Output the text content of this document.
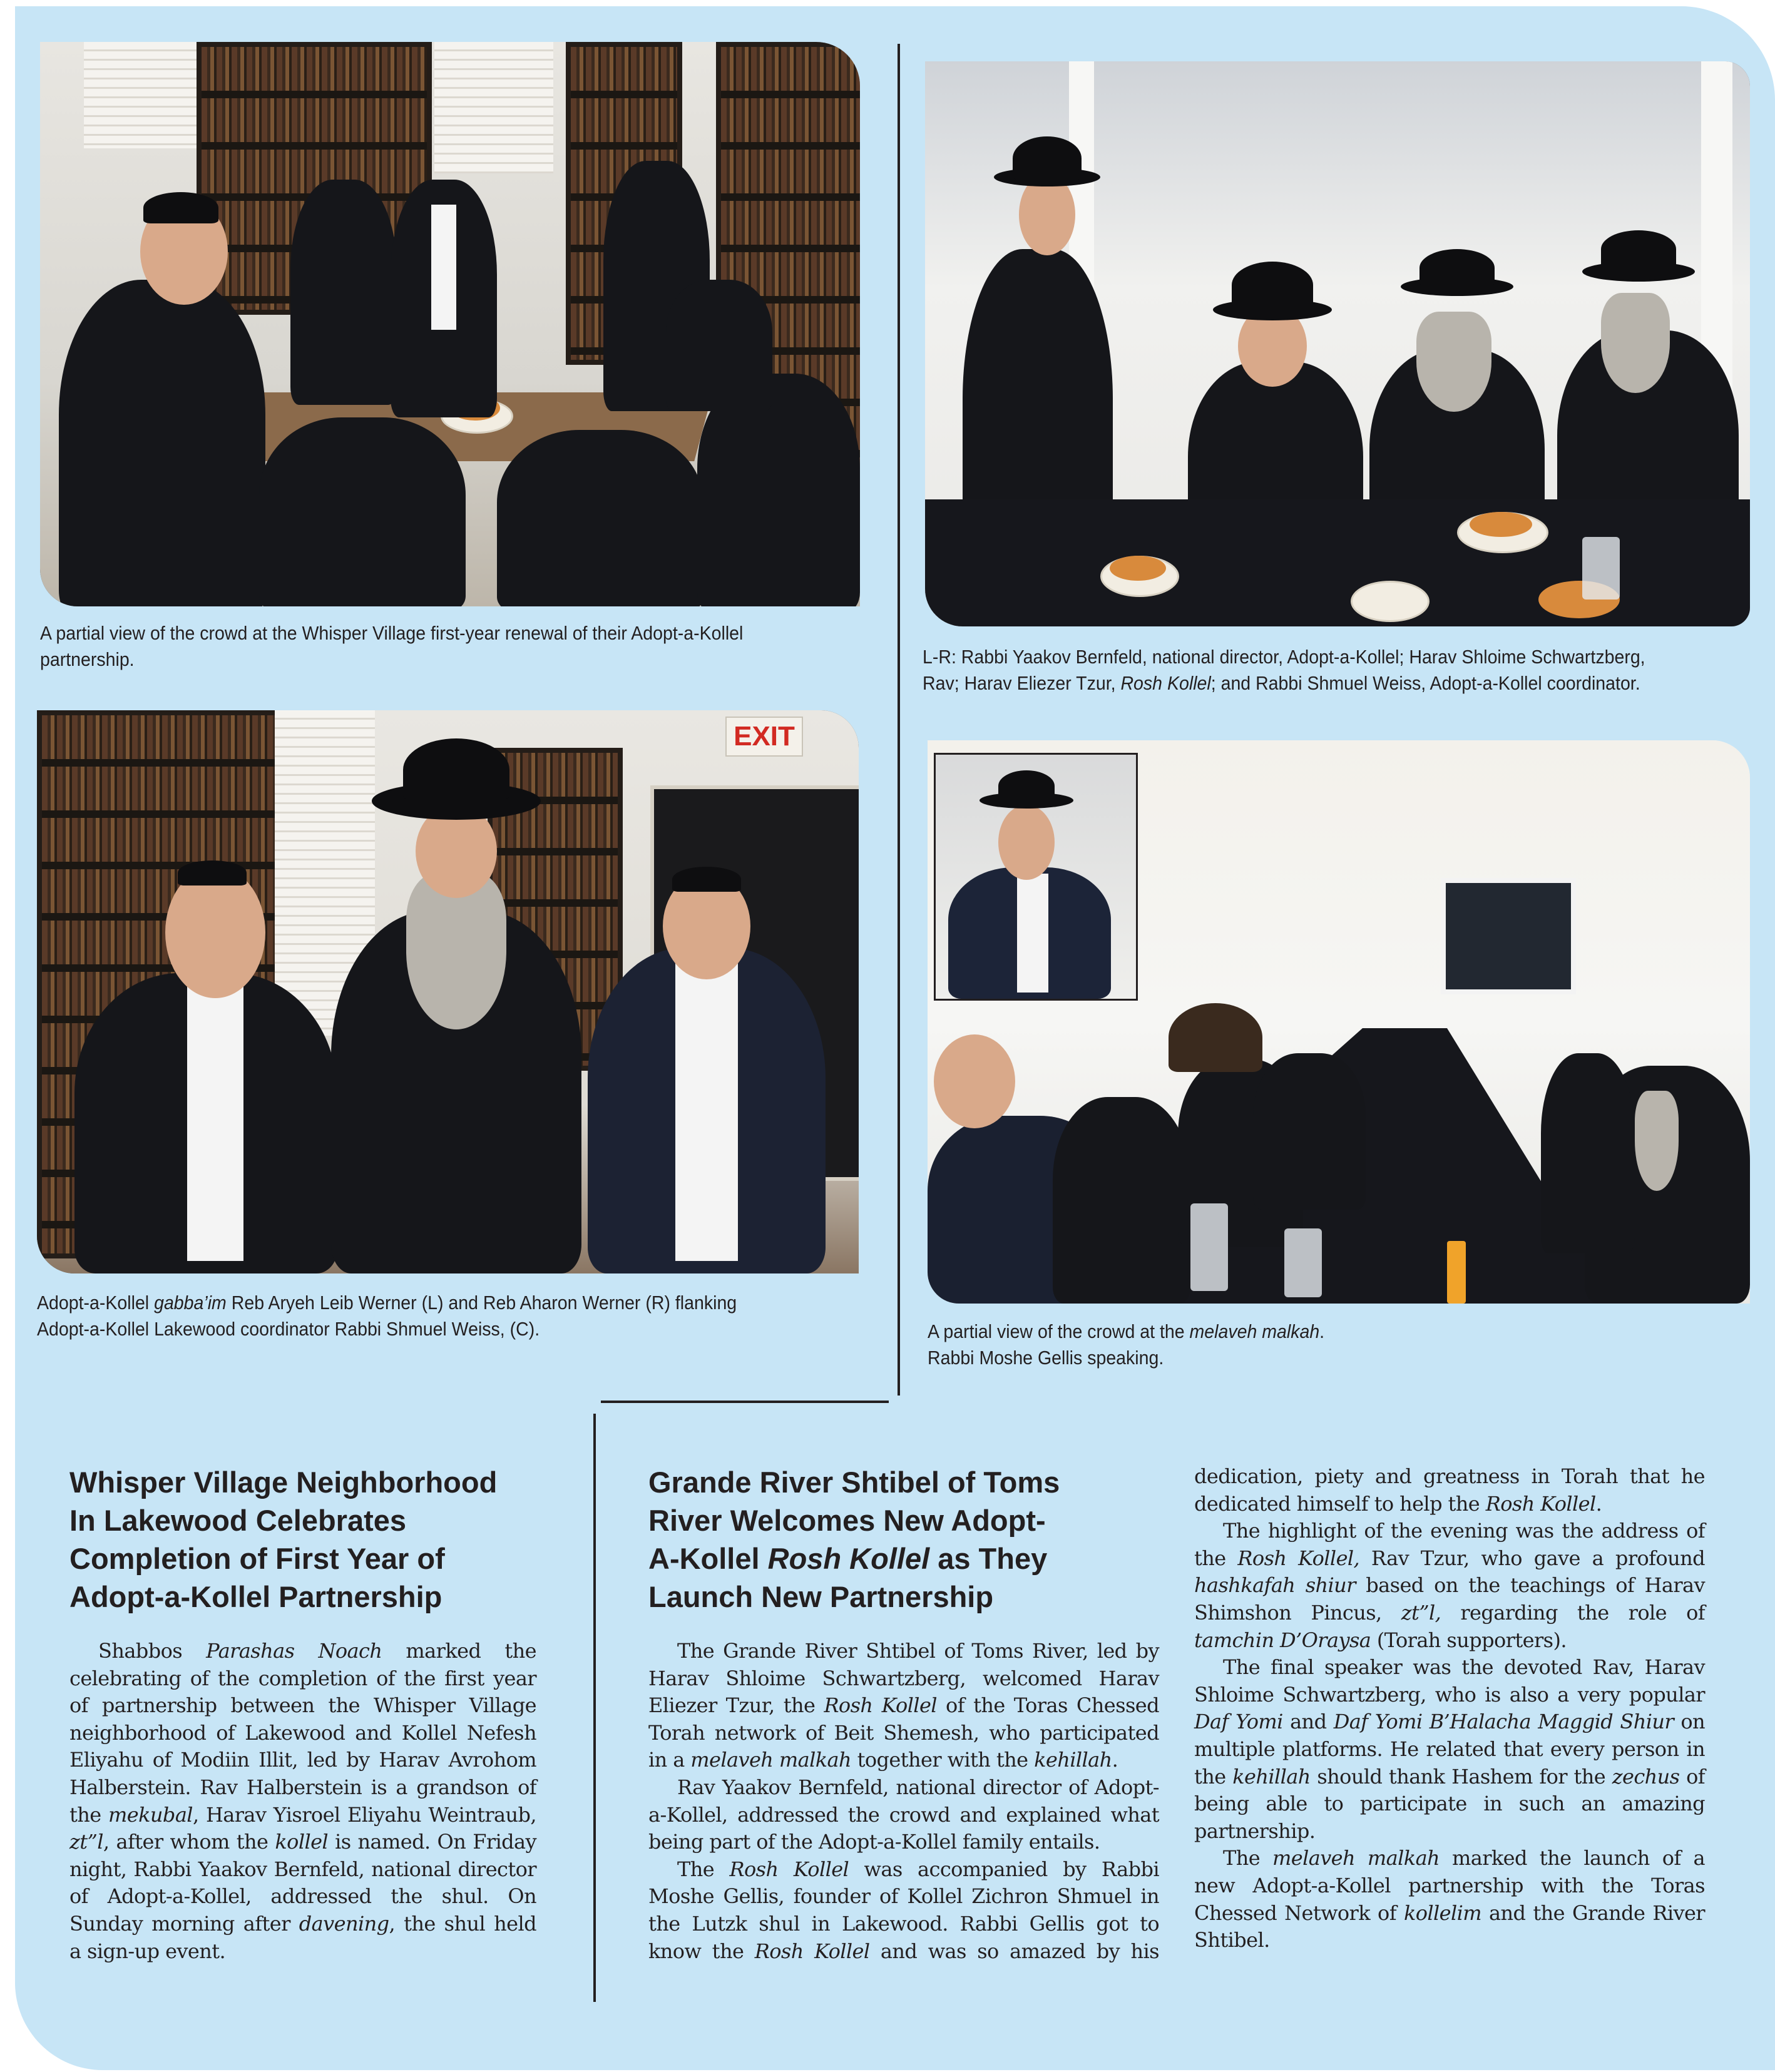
A partial view of the crowd at the Whisper Village first-year renewal of their Adopt-a-Kollel
partnership.	L-R: Rabbi Yaakov Bernfeld, national director, Adopt-a-Kollel; Harav Shloime Schwartzberg,
Rav; Harav Eliezer Tzur, Rosh Kollel; and Rabbi Shmuel Weiss, Adopt-a-Kollel coordinator.
EXIT
Adopt-a-Kollel gabba’im Reb Aryeh Leib Werner (L) and Reb Aharon Werner (R) flanking
Adopt-a-Kollel Lakewood coordinator Rabbi Shmuel Weiss, (C).	A partial view of the crowd at the melaveh malkah.
Rabbi Moshe Gellis speaking.
Whisper Village Neighborhood
In Lakewood Celebrates
Completion of First Year of
Adopt-a-Kollel Partnership

Shabbos Parashas Noach marked the celebrating of the completion of the first year of partnership between the Whisper Village neighborhood of Lakewood and Kollel Nefesh Eliyahu of Modiin Illit, led by Harav Avrohom Halberstein. Rav Halberstein is a grandson of the mekubal, Harav Yisroel Eliyahu Weintraub, zt”l, after whom the kollel is named. On Friday night, Rabbi Yaakov Bernfeld, national director of Adopt-a-Kollel, addressed the shul. On Sunday morning after davening, the shul held a sign-up event.

Grande River Shtibel of Toms
River Welcomes New Adopt-
A-Kollel Rosh Kollel as They
Launch New Partnership

The Grande River Shtibel of Toms River, led by Harav Shloime Schwartzberg, welcomed Harav Eliezer Tzur, the Rosh Kollel of the Toras Chessed Torah network of Beit Shemesh, who participated in a melaveh malkah together with the kehillah.

Rav Yaakov Bernfeld, national director of Adopt-a-Kollel, addressed the crowd and explained what being part of the Adopt-a-Kollel family entails.

The Rosh Kollel was accompanied by Rabbi Moshe Gellis, founder of Kollel Zichron Shmuel in the Lutzk shul in Lakewood. Rabbi Gellis got to know the Rosh Kollel and was so amazed by his dedication, piety and greatness in Torah that he dedicated himself to help the Rosh Kollel.

The highlight of the evening was the address of the Rosh Kollel, Rav Tzur, who gave a profound hashkafah shiur based on the teachings of Harav Shimshon Pincus, zt”l, regarding the role of tamchin D’Oraysa (Torah supporters).

The final speaker was the devoted Rav, Harav Shloime Schwartzberg, who is also a very popular Daf Yomi and Daf Yomi B’Halacha Maggid Shiur on multiple platforms. He related that every person in the kehillah should thank Hashem for the zechus of being able to participate in such an amazing partnership.

The melaveh malkah marked the launch of a new Adopt-a-Kollel partnership with the Toras Chessed Network of kollelim and the Grande River Shtibel.
